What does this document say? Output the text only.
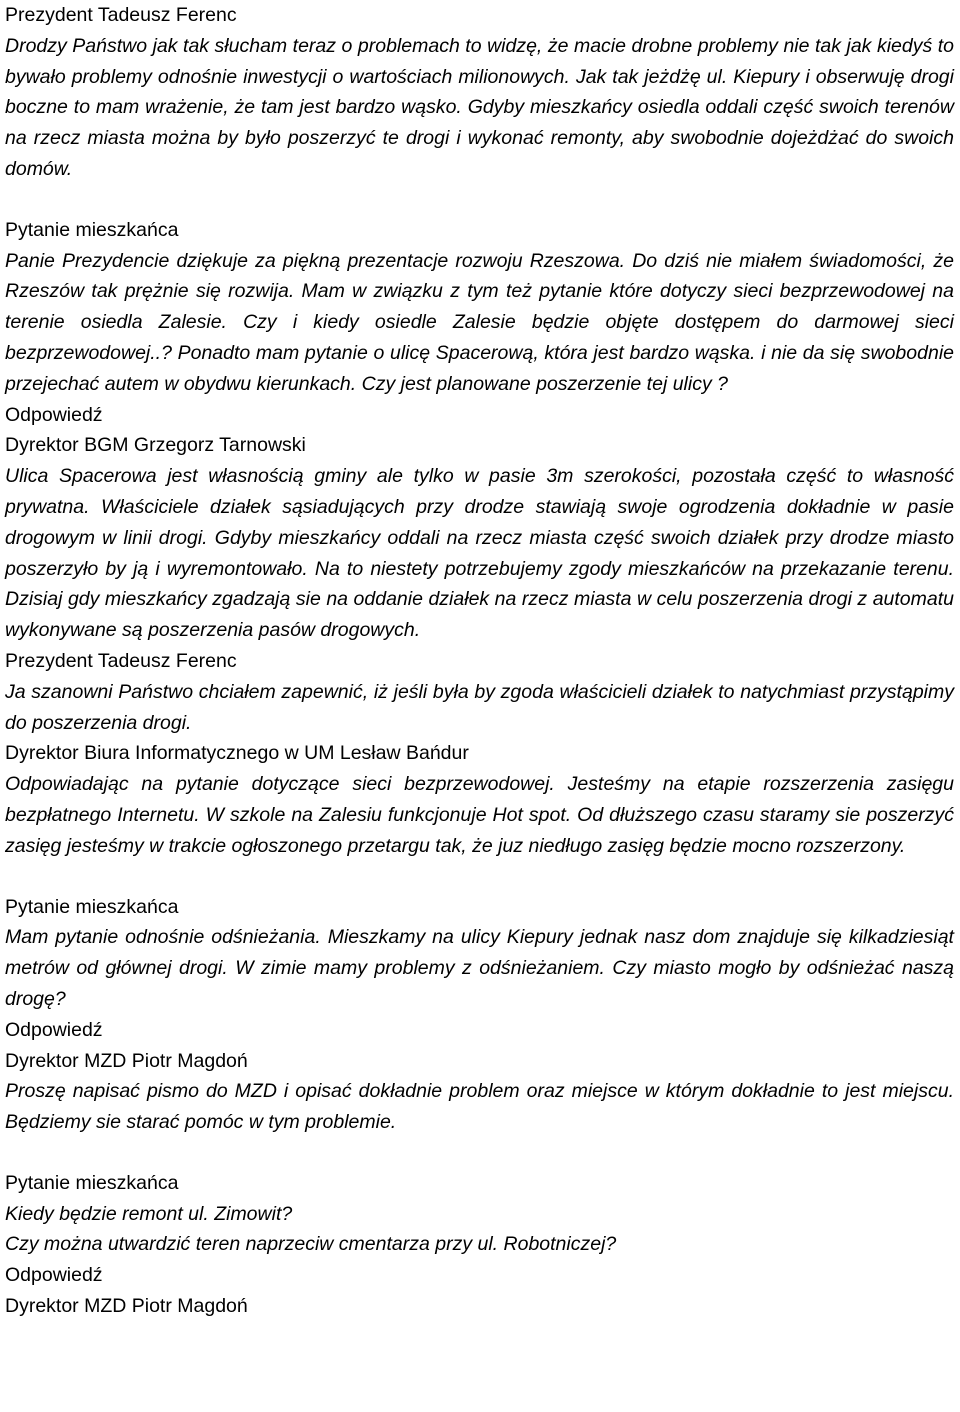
Prezydent Tadeusz Ferenc

Drodzy Państwo jak tak słucham teraz o problemach to widzę, że macie drobne problemy nie tak jak kiedyś to bywało problemy odnośnie inwestycji o wartościach milionowych. Jak tak jeżdżę ul. Kiepury i obserwuję drogi boczne to mam wrażenie, że tam jest bardzo wąsko. Gdyby mieszkańcy osiedla oddali część swoich terenów na rzecz miasta można by było poszerzyć te drogi i wykonać remonty, aby swobodnie dojeżdżać do swoich domów.

Pytanie mieszkańca

Panie Prezydencie dziękuje za piękną prezentacje rozwoju Rzeszowa. Do dziś nie miałem świadomości, że Rzeszów tak prężnie się rozwija. Mam w związku z tym też pytanie które dotyczy sieci bezprzewodowej na terenie osiedla Zalesie. Czy i kiedy osiedle Zalesie będzie objęte dostępem do darmowej sieci bezprzewodowej..? Ponadto mam pytanie o ulicę Spacerową, która jest bardzo wąska. i nie da się swobodnie przejechać autem w obydwu kierunkach. Czy jest planowane poszerzenie tej ulicy ?

Odpowiedź
Dyrektor BGM Grzegorz Tarnowski

Ulica Spacerowa jest własnością gminy ale tylko w pasie 3m szerokości, pozostała część to własność prywatna. Właściciele działek sąsiadujących przy drodze stawiają swoje ogrodzenia dokładnie w pasie drogowym w linii drogi. Gdyby mieszkańcy oddali na rzecz miasta część swoich działek przy drodze miasto poszerzyło by ją i wyremontowało. Na to niestety potrzebujemy zgody mieszkańców na przekazanie terenu. Dzisiaj gdy mieszkańcy zgadzają sie na oddanie działek na rzecz miasta w celu poszerzenia drogi z automatu wykonywane są poszerzenia pasów drogowych.

Prezydent Tadeusz Ferenc

Ja szanowni Państwo chciałem zapewnić, iż jeśli była by zgoda właścicieli działek to natychmiast przystąpimy do poszerzenia drogi.

Dyrektor Biura Informatycznego w UM Lesław Bańdur

Odpowiadając na pytanie dotyczące sieci bezprzewodowej. Jesteśmy na etapie rozszerzenia zasięgu bezpłatnego Internetu. W szkole na Zalesiu funkcjonuje Hot spot. Od dłuższego czasu staramy sie poszerzyć zasięg jesteśmy w trakcie ogłoszonego przetargu tak, że juz niedługo zasięg będzie mocno rozszerzony.

Pytanie mieszkańca

Mam pytanie odnośnie odśnieżania. Mieszkamy na ulicy Kiepury jednak nasz dom znajduje się kilkadziesiąt metrów od głównej drogi. W zimie mamy problemy z odśnieżaniem. Czy miasto mogło by odśnieżać naszą drogę?

Odpowiedź
Dyrektor MZD Piotr Magdoń

Proszę napisać pismo do MZD i opisać dokładnie problem oraz miejsce w którym dokładnie to jest miejscu. Będziemy sie starać pomóc w tym problemie.

Pytanie mieszkańca

Kiedy będzie remont ul. Zimowit?

Czy można utwardzić teren naprzeciw cmentarza przy ul. Robotniczej?

Odpowiedź
Dyrektor MZD Piotr Magdoń
